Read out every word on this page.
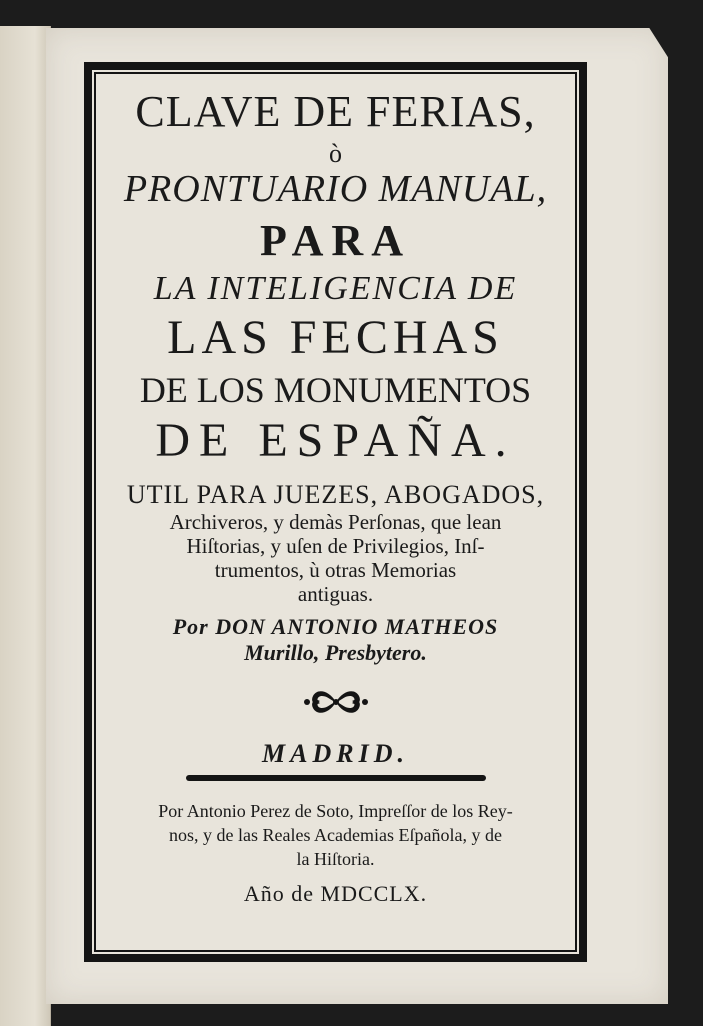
CLAVE DE FERIAS,
ò
PRONTUARIO MANUAL,
PARA
LA INTELIGENCIA DE
LAS FECHAS
DE LOS MONUMENTOS
DE ESPAÑA.
UTIL PARA JUEZES, ABOGADOS,
Archiveros, y demàs Perſonas, que lean
Hiſtorias, y uſen de Privilegios, Inſ-
trumentos, ù otras Memorias
antiguas.
Por DON ANTONIO MATHEOS
Murillo, Presbytero.
MADRID.
Por Antonio Perez de Soto, Impreſſor de los Rey-
nos, y de las Reales Academias Eſpañola, y de
la Hiſtoria.
Año de MDCCLX.
